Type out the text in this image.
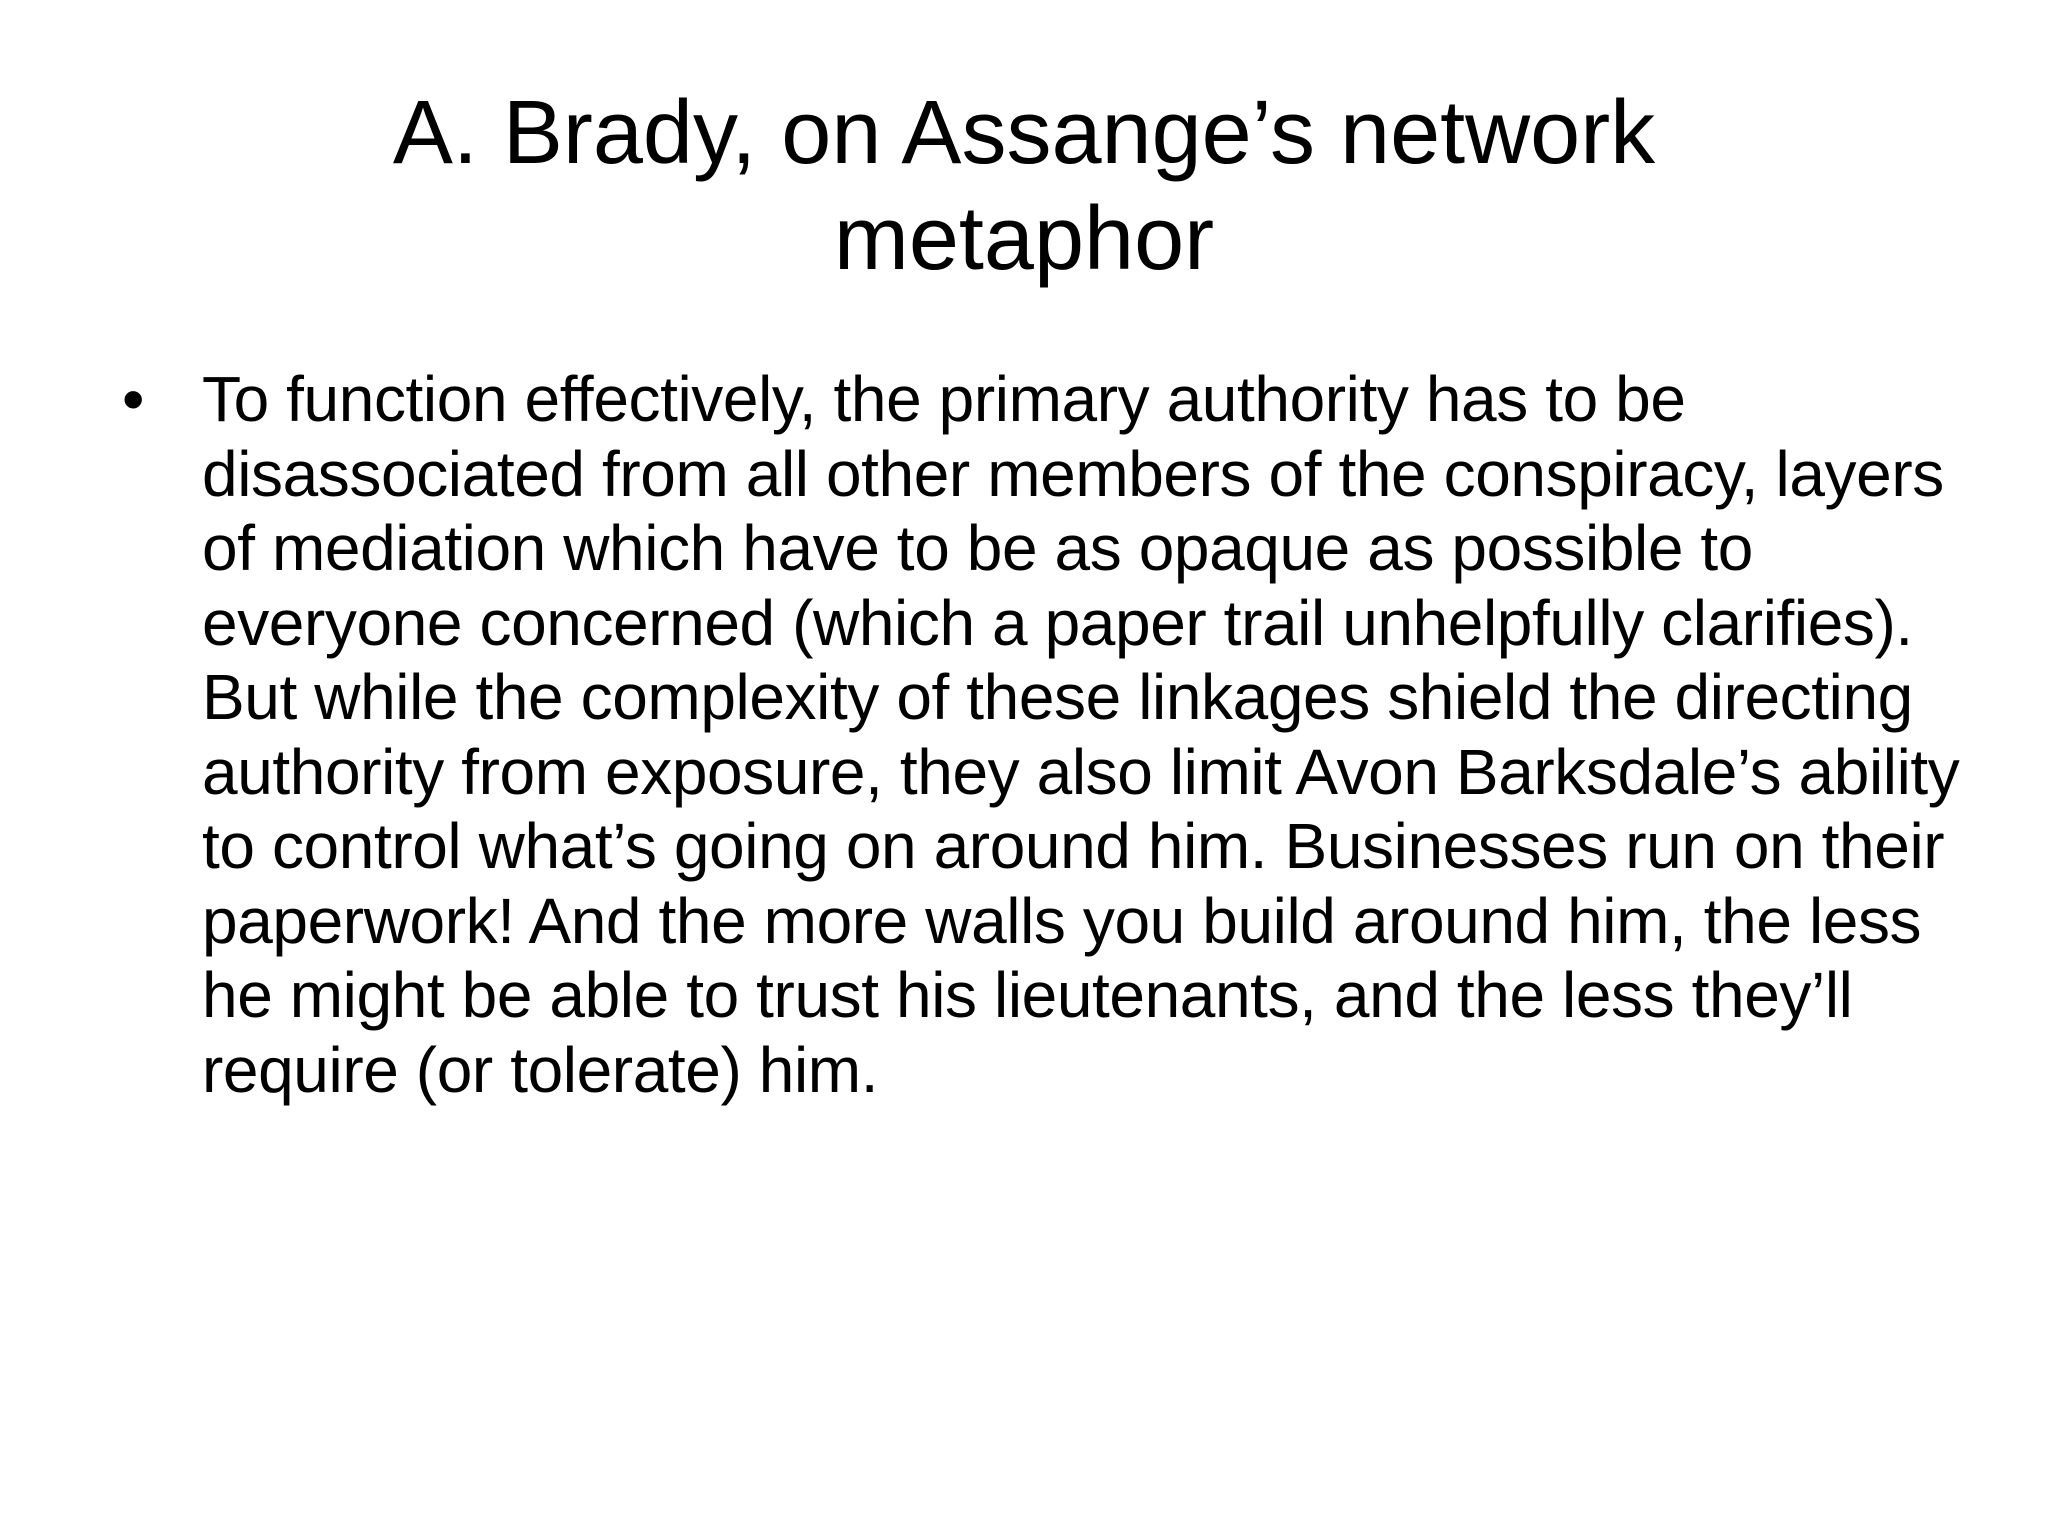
A. Brady, on Assange’s network metaphor
• To function effectively, the primary authority has to be disassociated from all other members of the conspiracy, layers of mediation which have to be as opaque as possible to everyone concerned (which a paper trail unhelpfully clarifies). But while the complexity of these linkages shield the directing authority from exposure, they also limit Avon Barksdale’s ability to control what’s going on around him. Businesses run on their paperwork! And the more walls you build around him, the less he might be able to trust his lieutenants, and the less they’ll require (or tolerate) him.
